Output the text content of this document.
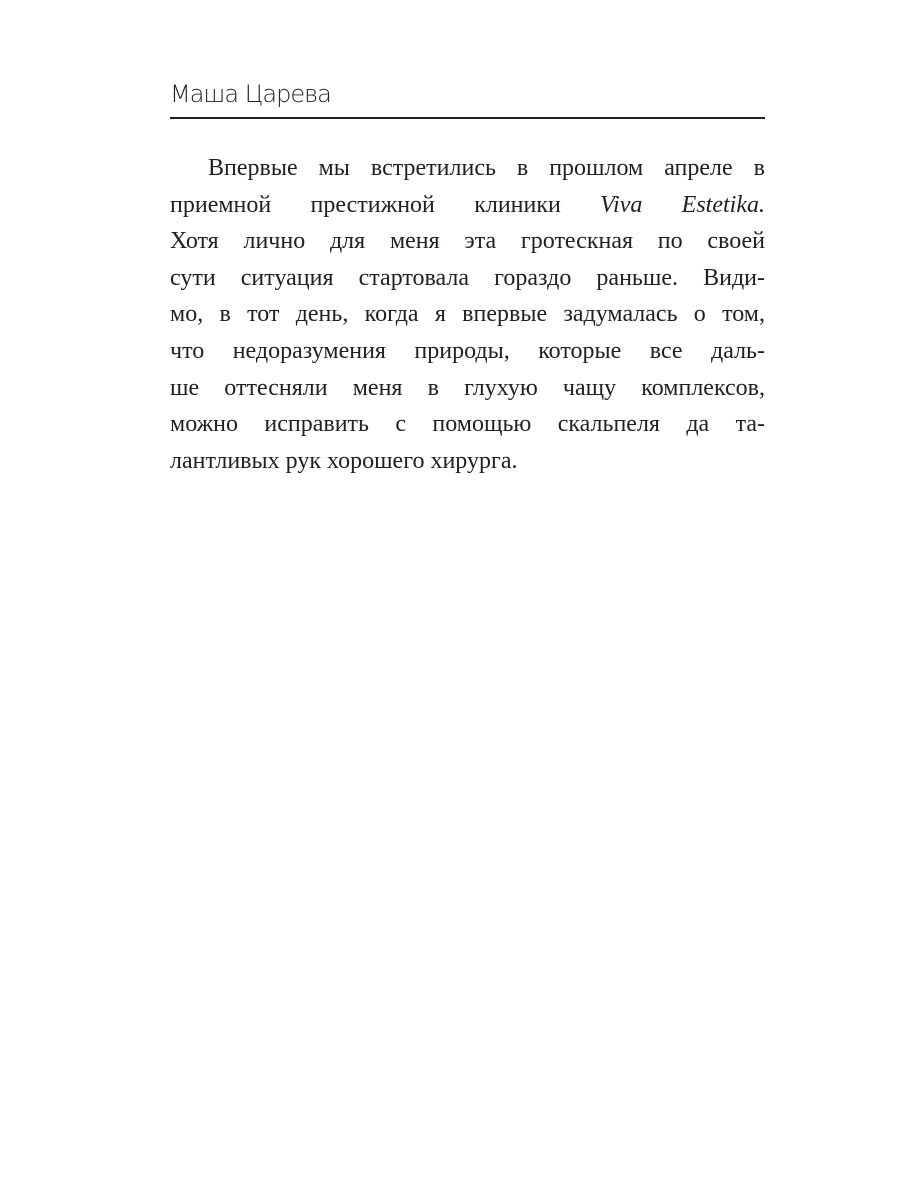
Маша Царева
Впервые мы встретились в прошлом апреле в
приемной престижной клиники Viva Estetika.
Хотя лично для меня эта гротескная по своей
сути ситуация стартовала гораздо раньше. Види-
мо, в тот день, когда я впервые задумалась о том,
что недоразумения природы, которые все даль-
ше оттесняли меня в глухую чащу комплексов,
можно исправить с помощью скальпеля да та-
лантливых рук хорошего хирурга.
